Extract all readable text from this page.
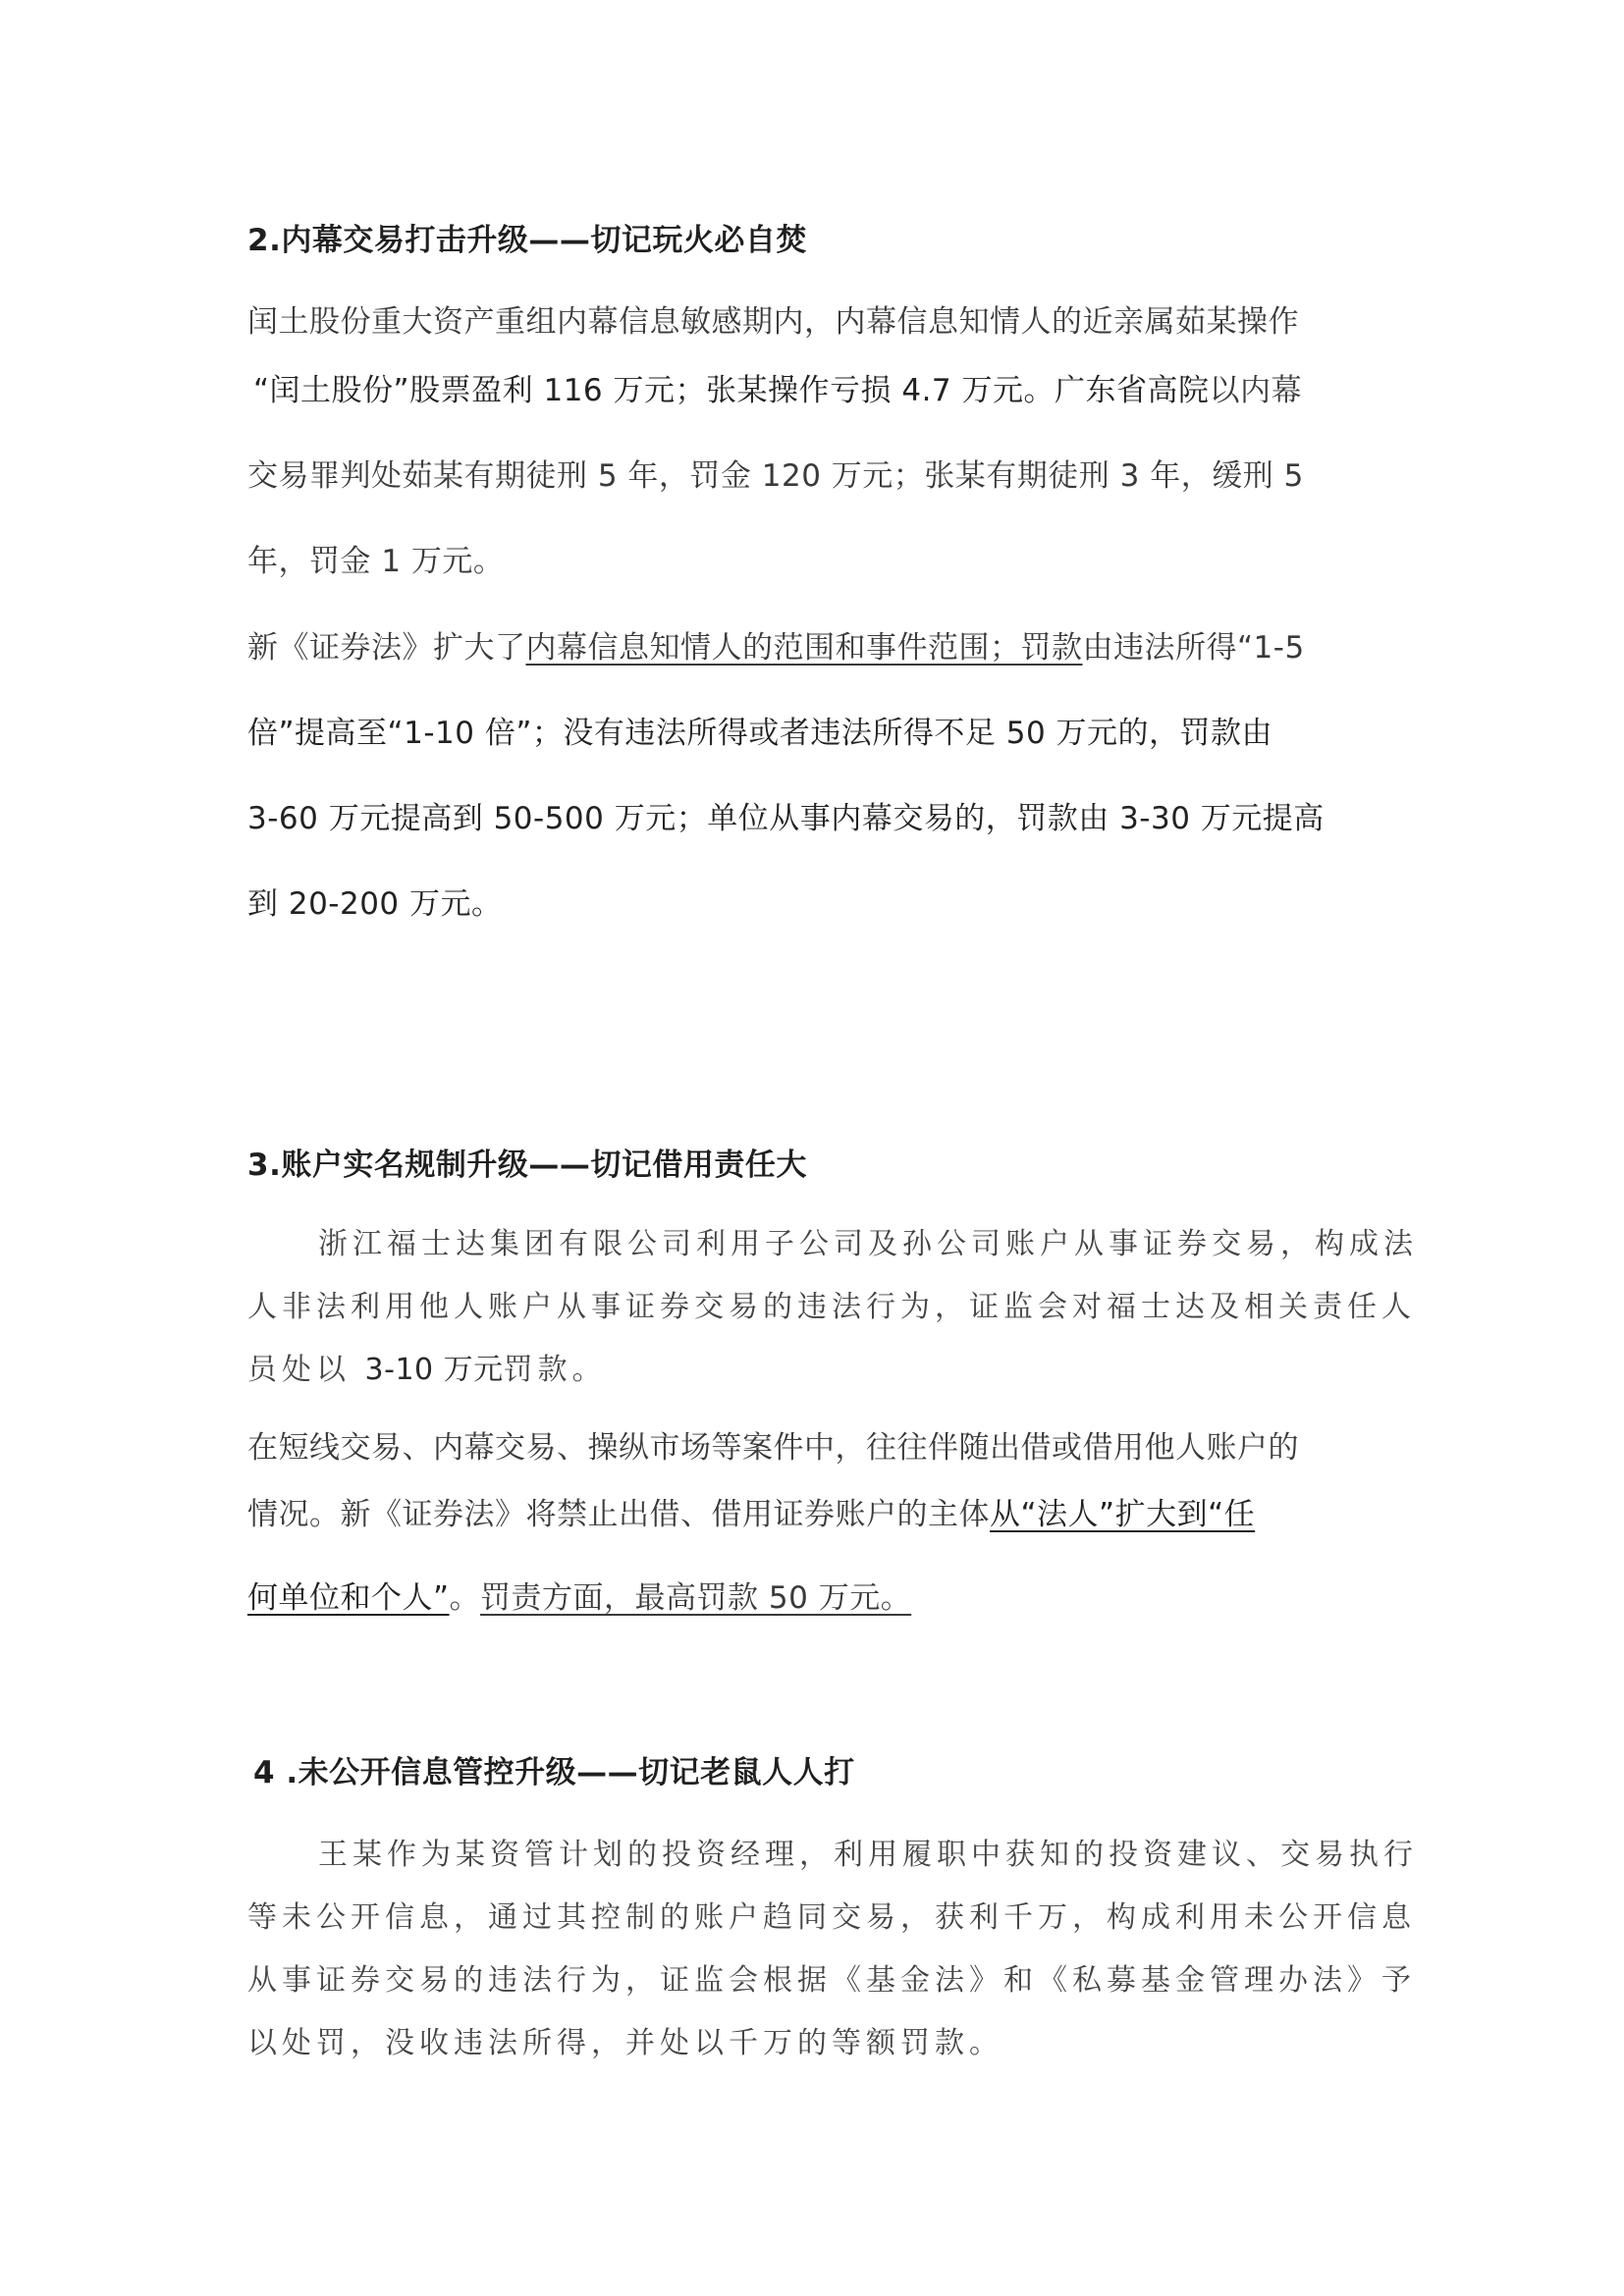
2.内幕交易打击升级——切记玩火必自焚
闰土股份重大资产重组内幕信息敏感期内，内幕信息知情人的近亲属茹某操作
“闰土股份”股票盈利 116 万元；张某操作亏损 4.7 万元。广东省高院以内幕
交易罪判处茹某有期徒刑 5 年，罚金 120 万元；张某有期徒刑 3 年，缓刑 5
年，罚金 1 万元。
新《证券法》扩大了内幕信息知情人的范围和事件范围；罚款由违法所得“1-5
倍”提高至“1-10 倍”；没有违法所得或者违法所得不足 50 万元的，罚款由
3-60 万元提高到 50-500 万元；单位从事内幕交易的，罚款由 3-30 万元提高
到 20-200 万元。
3.账户实名规制升级——切记借用责任大
浙江福士达集团有限公司利用子公司及孙公司账户从事证券交易，构成法
人非法利用他人账户从事证券交易的违法行为，证监会对福士达及相关责任人
员处以 3-10 万元罚款。
在短线交易、内幕交易、操纵市场等案件中，往往伴随出借或借用他人账户的
情况。新《证券法》将禁止出借、借用证券账户的主体从“法人”扩大到“任
何单位和个人”。罚责方面，最高罚款 50 万元。
4 .未公开信息管控升级——切记老鼠人人打
王某作为某资管计划的投资经理，利用履职中获知的投资建议、交易执行
等未公开信息，通过其控制的账户趋同交易，获利千万，构成利用未公开信息
从事证券交易的违法行为，证监会根据《基金法》和《私募基金管理办法》予
以处罚，没收违法所得，并处以千万的等额罚款。
